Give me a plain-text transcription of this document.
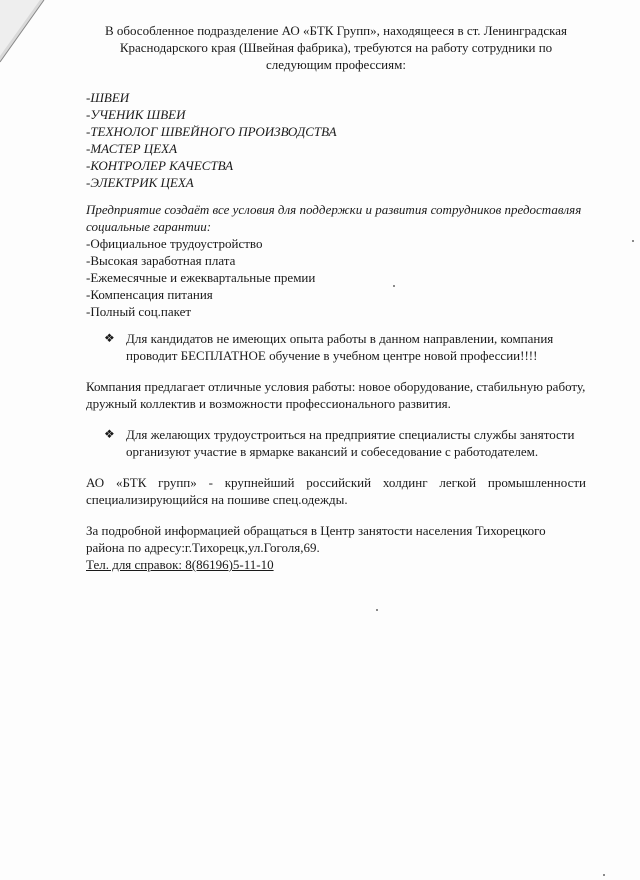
В обособленное подразделение АО «БТК Групп», находящееся в ст. Ленинградская Краснодарского края (Швейная фабрика), требуются на работу сотрудники по следующим профессиям:

-ШВЕИ
-УЧЕНИК ШВЕИ
-ТЕХНОЛОГ ШВЕЙНОГО ПРОИЗВОДСТВА
-МАСТЕР ЦЕХА
-КОНТРОЛЕР КАЧЕСТВА
-ЭЛЕКТРИК ЦЕХА

Предприятие создаёт все условия для поддержки и развития сотрудников предоставляя социальные гарантии:

-Официальное трудоустройство
-Высокая заработная плата
-Ежемесячные и ежеквартальные премии
-Компенсация питания
-Полный соц.пакет
❖ Для кандидатов не имеющих опыта работы в данном направлении, компания проводит БЕСПЛАТНОЕ обучение в учебном центре новой профессии!!!!

Компания предлагает отличные условия работы: новое оборудование, стабильную работу, дружный коллектив и возможности профессионального развития.

❖ Для желающих трудоустроиться на предприятие специалисты службы занятости организуют участие в ярмарке вакансий и собеседование с работодателем.

АО «БТК групп» - крупнейший российский холдинг легкой промышленности специализирующийся на пошиве спец.одежды.

За подробной информацией обращаться в Центр занятости населения Тихорецкого района по адресу:г.Тихорецк,ул.Гоголя,69.

Тел. для справок: 8(86196)5-11-10
